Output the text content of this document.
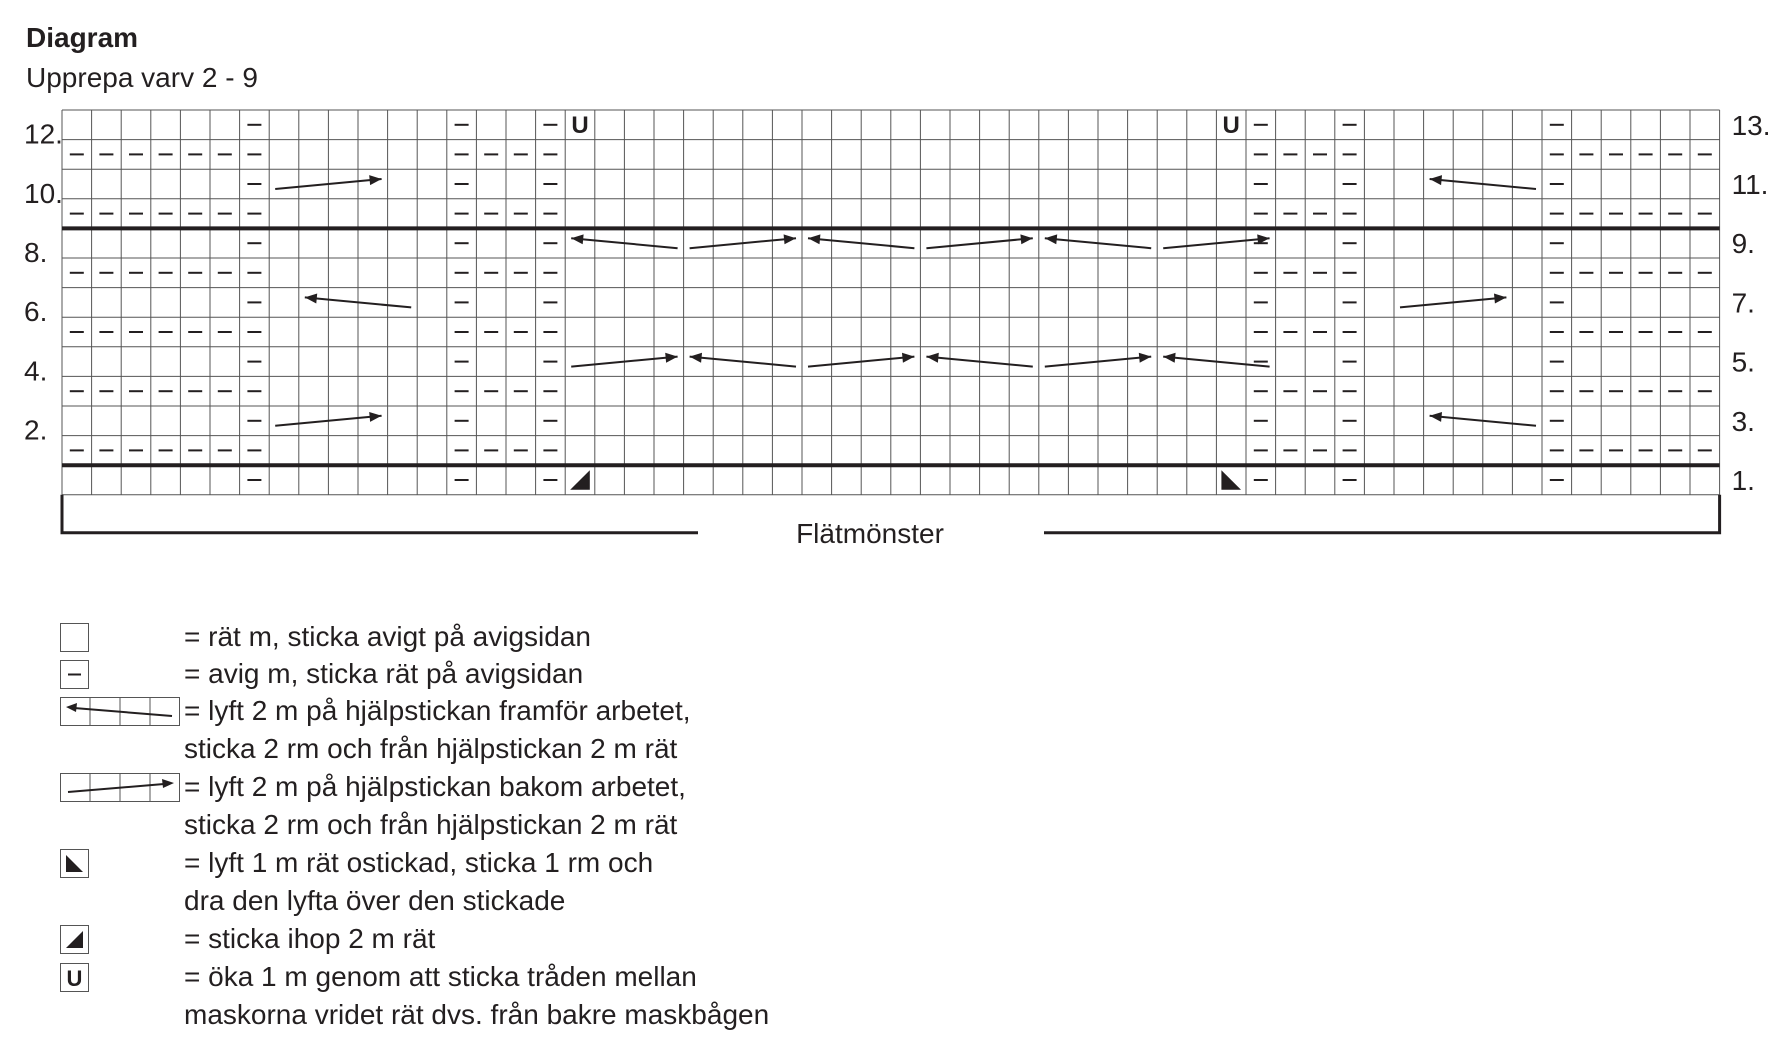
Diagram
Upprepa varv 2 - 9
U	U
12.
10.
8.
6.
4.
2.
13.
11.
9.
7.
5.
3.
1.
Flätmönster
= rät m, sticka avigt på avigsidan
= avig m, sticka rät på avigsidan
= lyft 2 m på hjälpstickan framför arbetet,
sticka 2 rm och från hjälpstickan 2 m rät
= lyft 2 m på hjälpstickan bakom arbetet,
sticka 2 rm och från hjälpstickan 2 m rät
= lyft 1 m rät ostickad, sticka 1 rm och
dra den lyfta över den stickade
= sticka ihop 2 m rät
U	= öka 1 m genom att sticka tråden mellan
maskorna vridet rät dvs. från bakre maskbågen
